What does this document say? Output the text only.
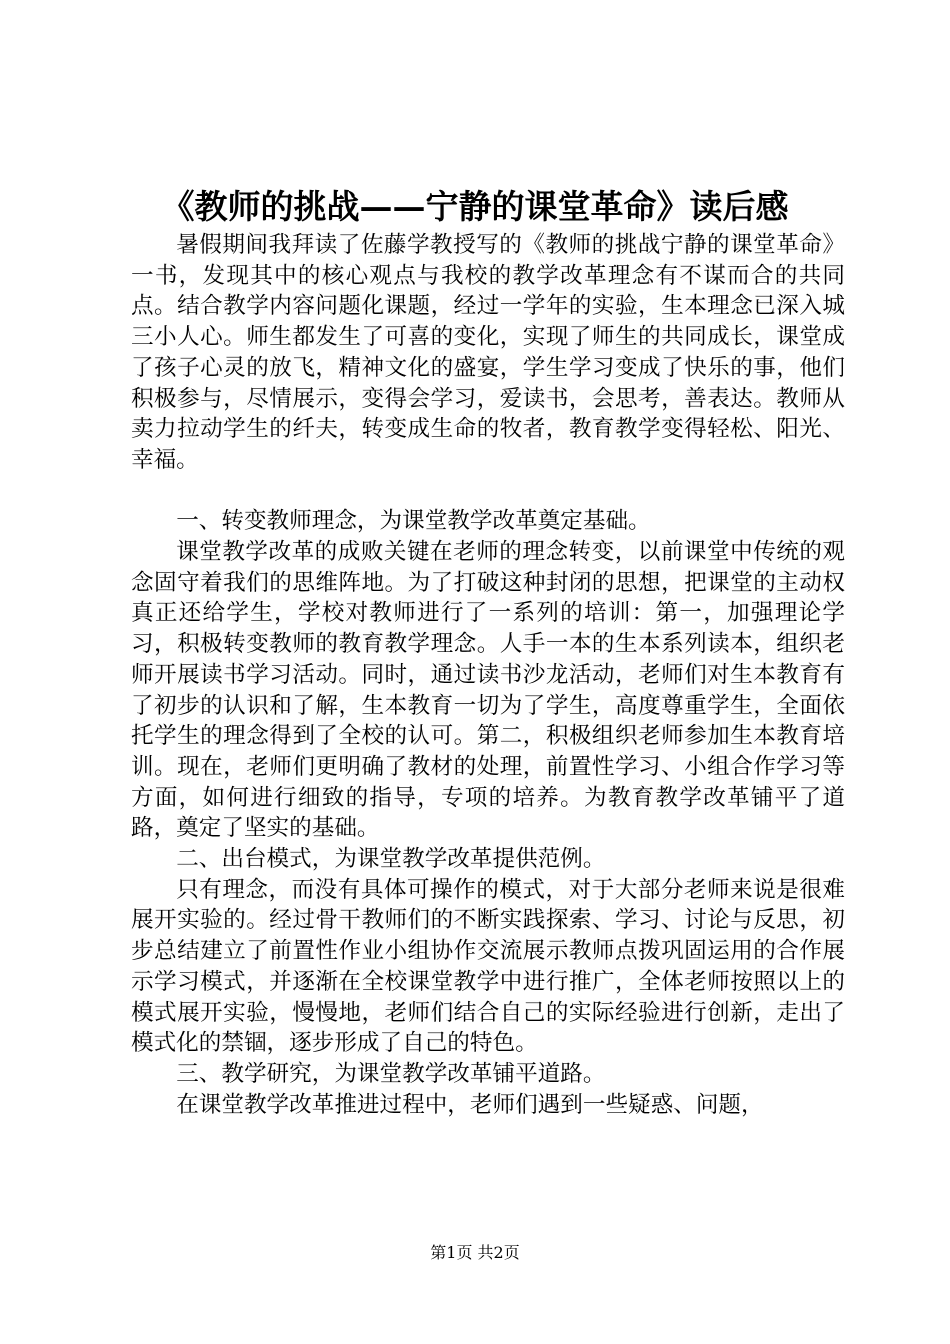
《教师的挑战——宁静的课堂革命》读后感

暑假期间我拜读了佐藤学教授写的《教师的挑战宁静的课堂革命》一书，发现其中的核心观点与我校的教学改革理念有不谋而合的共同点。结合教学内容问题化课题，经过一学年的实验，生本理念已深入城三小人心。师生都发生了可喜的变化，实现了师生的共同成长，课堂成了孩子心灵的放飞，精神文化的盛宴，学生学习变成了快乐的事，他们积极参与，尽情展示，变得会学习，爱读书，会思考，善表达。教师从卖力拉动学生的纤夫，转变成生命的牧者，教育教学变得轻松、阳光、幸福。

一、转变教师理念，为课堂教学改革奠定基础。

课堂教学改革的成败关键在老师的理念转变，以前课堂中传统的观念固守着我们的思维阵地。为了打破这种封闭的思想，把课堂的主动权真正还给学生，学校对教师进行了一系列的培训：第一，加强理论学习，积极转变教师的教育教学理念。人手一本的生本系列读本，组织老师开展读书学习活动。同时，通过读书沙龙活动，老师们对生本教育有了初步的认识和了解，生本教育一切为了学生，高度尊重学生，全面依托学生的理念得到了全校的认可。第二，积极组织老师参加生本教育培训。现在，老师们更明确了教材的处理，前置性学习、小组合作学习等方面，如何进行细致的指导，专项的培养。为教育教学改革铺平了道路，奠定了坚实的基础。

二、出台模式，为课堂教学改革提供范例。

只有理念，而没有具体可操作的模式，对于大部分老师来说是很难展开实验的。经过骨干教师们的不断实践探索、学习、讨论与反思，初步总结建立了前置性作业小组协作交流展示教师点拨巩固运用的合作展示学习模式，并逐渐在全校课堂教学中进行推广，全体老师按照以上的模式展开实验，慢慢地，老师们结合自己的实际经验进行创新，走出了模式化的禁锢，逐步形成了自己的特色。

三、教学研究，为课堂教学改革铺平道路。

在课堂教学改革推进过程中，老师们遇到一些疑惑、问题，

第1页 共2页
